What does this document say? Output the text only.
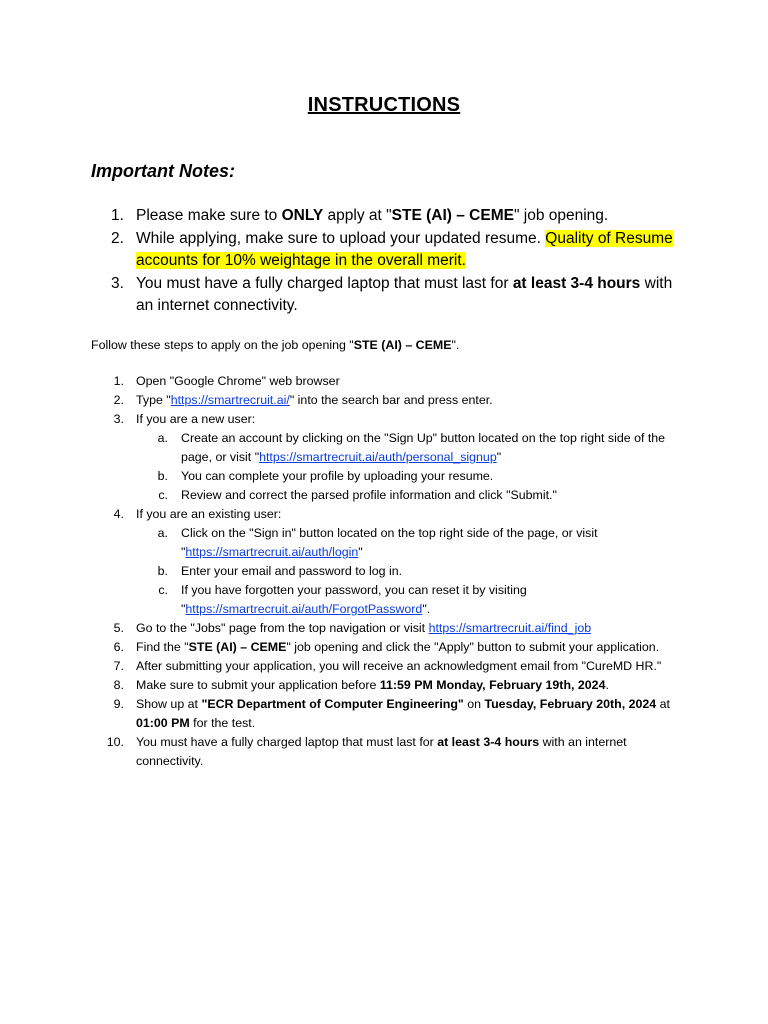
INSTRUCTIONS
Important Notes:
1. Please make sure to ONLY apply at "STE (AI) – CEME" job opening.
2. While applying, make sure to upload your updated resume. Quality of Resume accounts for 10% weightage in the overall merit.
3. You must have a fully charged laptop that must last for at least 3-4 hours with an internet connectivity.
Follow these steps to apply on the job opening "STE (AI) – CEME".
1. Open "Google Chrome" web browser
2. Type "https://smartrecruit.ai/" into the search bar and press enter.
3. If you are a new user:
a. Create an account by clicking on the "Sign Up" button located on the top right side of the page, or visit "https://smartrecruit.ai/auth/personal_signup"
b. You can complete your profile by uploading your resume.
c. Review and correct the parsed profile information and click "Submit."
4. If you are an existing user:
a. Click on the "Sign in" button located on the top right side of the page, or visit "https://smartrecruit.ai/auth/login"
b. Enter your email and password to log in.
c. If you have forgotten your password, you can reset it by visiting "https://smartrecruit.ai/auth/ForgotPassword".
5. Go to the "Jobs" page from the top navigation or visit https://smartrecruit.ai/find_job
6. Find the "STE (AI) – CEME" job opening and click the "Apply" button to submit your application.
7. After submitting your application, you will receive an acknowledgment email from "CureMD HR."
8. Make sure to submit your application before 11:59 PM Monday, February 19th, 2024.
9. Show up at "ECR Department of Computer Engineering" on Tuesday, February 20th, 2024 at 01:00 PM for the test.
10. You must have a fully charged laptop that must last for at least 3-4 hours with an internet connectivity.
